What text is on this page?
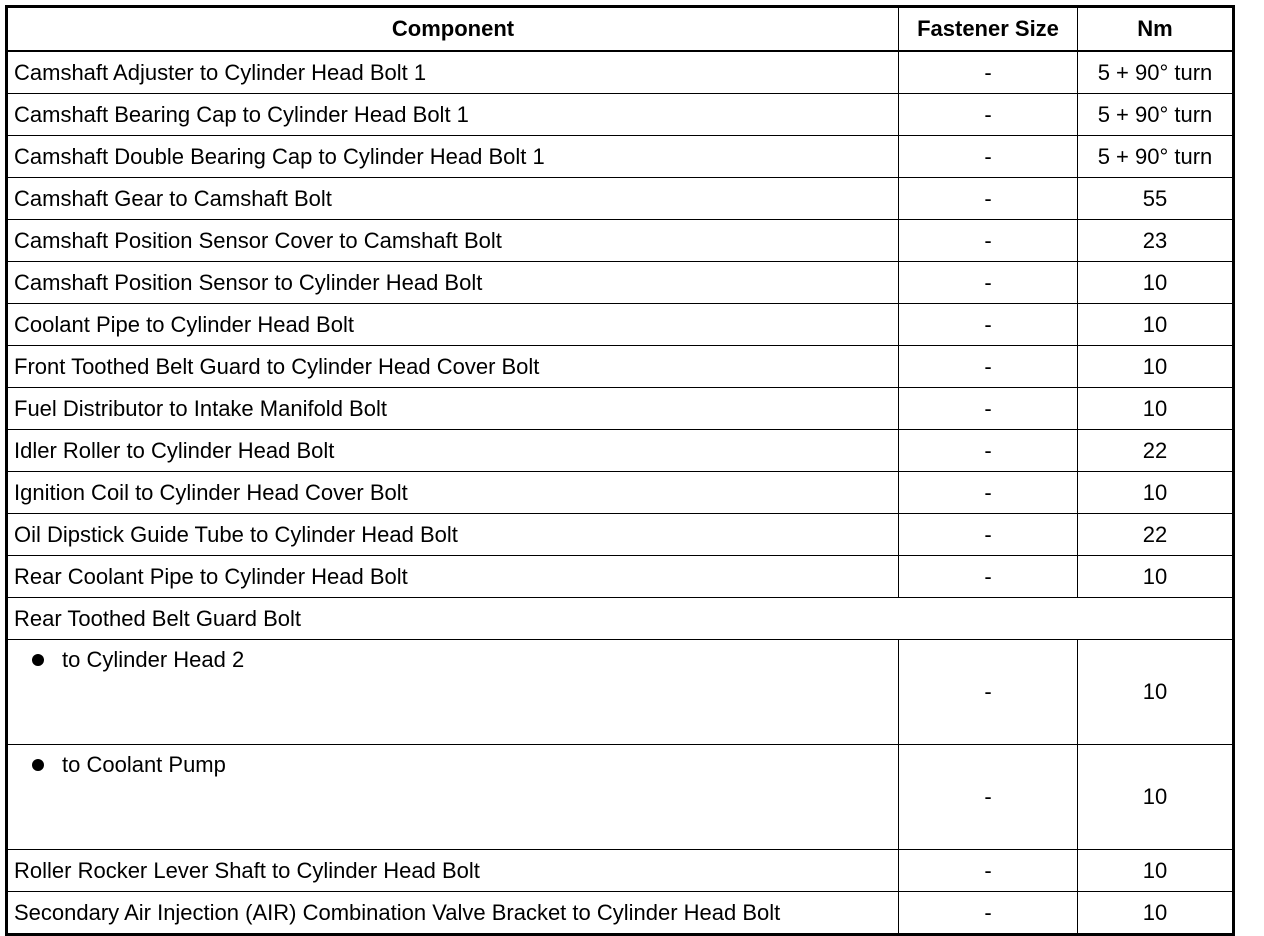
Component	Fastener Size	Nm
Camshaft Adjuster to Cylinder Head Bolt 1	-	5 + 90° turn
Camshaft Bearing Cap to Cylinder Head Bolt 1	-	5 + 90° turn
Camshaft Double Bearing Cap to Cylinder Head Bolt 1	-	5 + 90° turn
Camshaft Gear to Camshaft Bolt	-	55
Camshaft Position Sensor Cover to Camshaft Bolt	-	23
Camshaft Position Sensor to Cylinder Head Bolt	-	10
Coolant Pipe to Cylinder Head Bolt	-	10
Front Toothed Belt Guard to Cylinder Head Cover Bolt	-	10
Fuel Distributor to Intake Manifold Bolt	-	10
Idler Roller to Cylinder Head Bolt	-	22
Ignition Coil to Cylinder Head Cover Bolt	-	10
Oil Dipstick Guide Tube to Cylinder Head Bolt	-	22
Rear Coolant Pipe to Cylinder Head Bolt	-	10
Rear Toothed Belt Guard Bolt		
to Cylinder Head 2	-	10
to Coolant Pump	-	10
Roller Rocker Lever Shaft to Cylinder Head Bolt	-	10
Secondary Air Injection (AIR) Combination Valve Bracket to Cylinder Head Bolt	-	10
